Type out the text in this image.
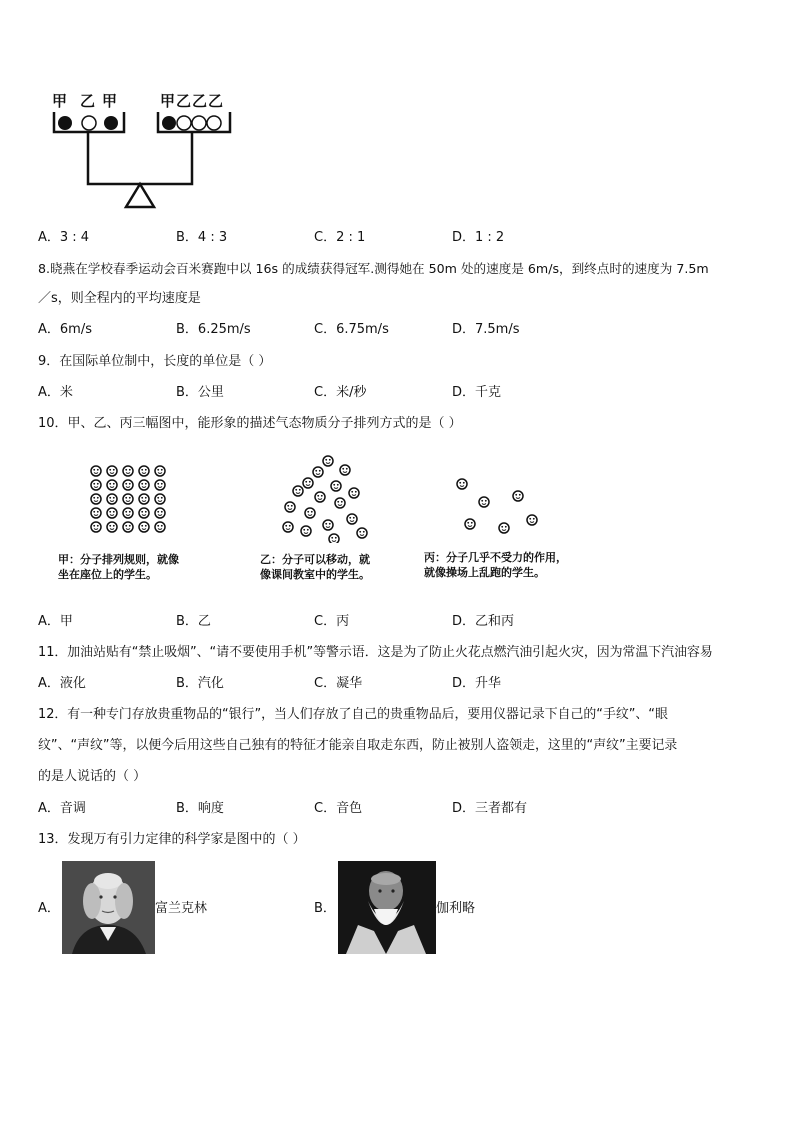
甲 乙 甲	甲 乙 乙 乙
A．3 : 4	B．4 : 3	C．2 : 1	D．1 : 2
8.晓燕在学校春季运动会百米赛跑中以 16s 的成绩获得冠军.测得她在 50m 处的速度是 6m/s，到终点时的速度为 7.5m
／s，则全程内的平均速度是
A．6m/s	B．6.25m/s	C．6.75m/s	D．7.5m/s
9．在国际单位制中，长度的单位是（ ）
A．米	B．公里	C．米/秒	D．千克
10．甲、乙、丙三幅图中，能形象的描述气态物质分子排列方式的是（ ）
甲：分子排列规则，就像
坐在座位上的学生。
乙：分子可以移动，就
像课间教室中的学生。
丙：分子几乎不受力的作用，
就像操场上乱跑的学生。
A．甲	B．乙	C．丙	D．乙和丙
11．加油站贴有“禁止吸烟”、“请不要使用手机”等警示语．这是为了防止火花点燃汽油引起火灾，因为常温下汽油容易
A．液化	B．汽化	C．凝华	D．升华
12．有一种专门存放贵重物品的“银行”，当人们存放了自己的贵重物品后，要用仪器记录下自己的“手纹”、“眼
纹”、“声纹”等，以便今后用这些自己独有的特征才能亲自取走东西，防止被别人盗领走，这里的“声纹”主要记录
的是人说话的（ ）
A．音调	B．响度	C．音色	D．三者都有
13．发现万有引力定律的科学家是图中的（ ）
A．	富兰克林	B．	伽利略
